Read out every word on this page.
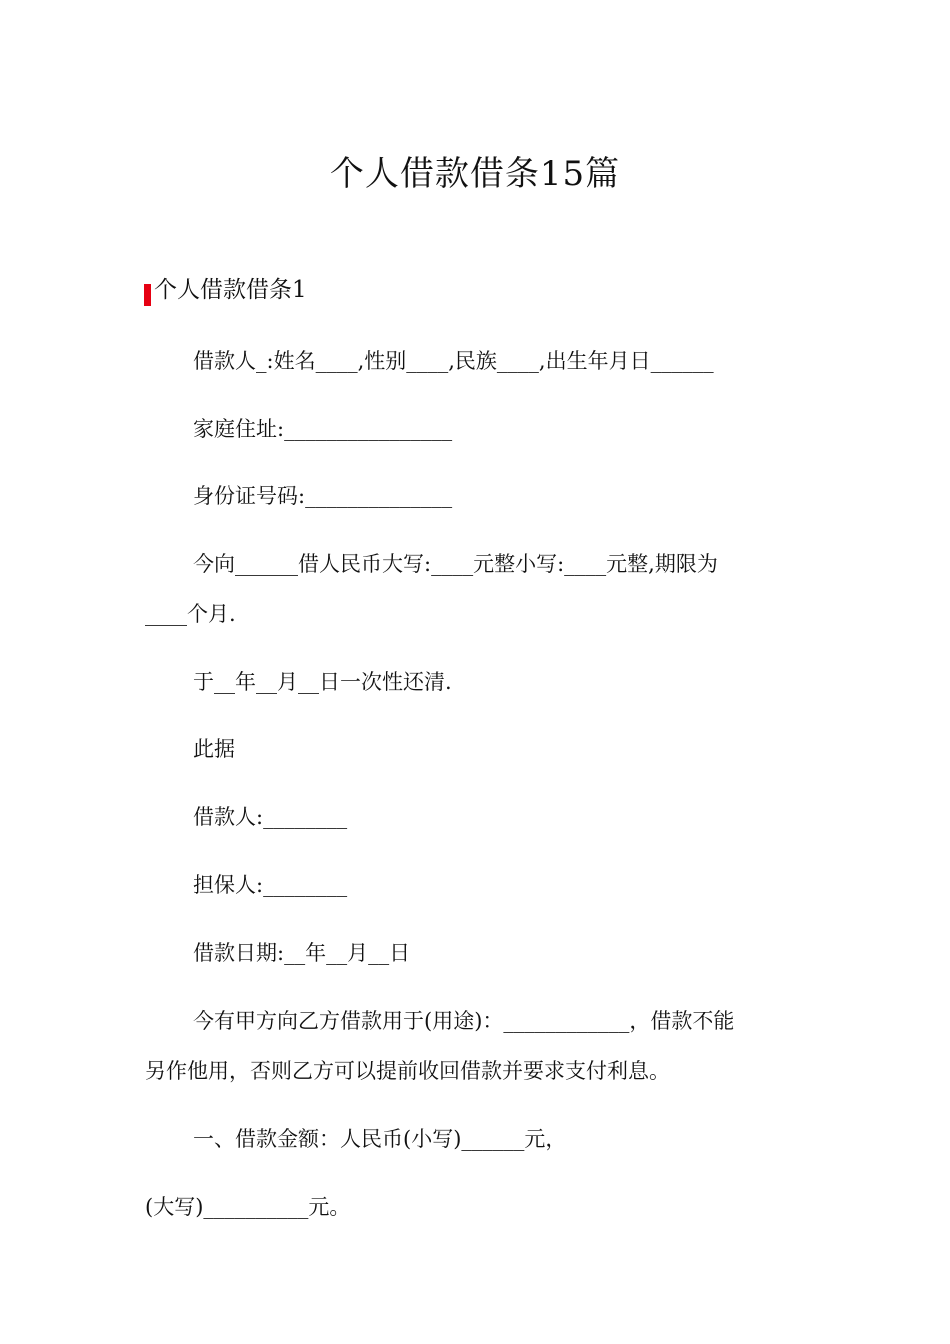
个人借款借条15篇
个人借款借条1
借款人_:姓名____,性别____,民族____,出生年月日______
家庭住址:________________
身份证号码:______________
今向______借人民币大写:____元整小写:____元整,期限为
____个月.
于__年__月__日一次性还清.
此据
借款人:________
担保人:________
借款日期:__年__月__日
今有甲方向乙方借款用于(用途)：____________，借款不能
另作他用，否则乙方可以提前收回借款并要求支付利息。
一、借款金额：人民币(小写)______元，
(大写)__________元。
